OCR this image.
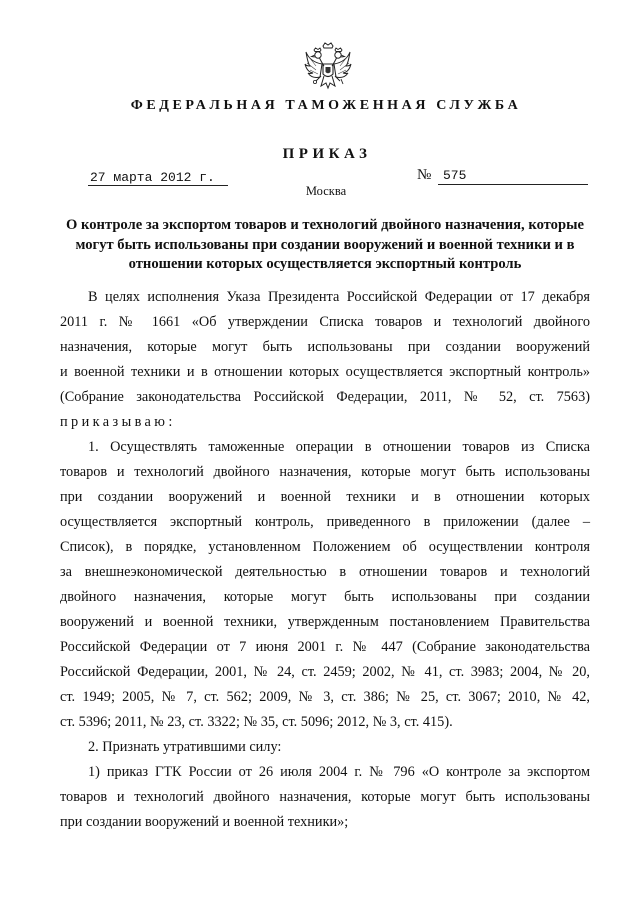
ФЕДЕРАЛЬНАЯ ТАМОЖЕННАЯ СЛУЖБА
ПРИКАЗ
27 марта 2012 г.	№ 575
Москва
О контроле за экспортом товаров и технологий двойного назначения, которые
могут быть использованы при создании вооружений и военной техники и в
отношении которых осуществляется экспортный контроль
В целях исполнения Указа Президента Российской Федерации от 17 декабря
2011 г. № 1661 «Об утверждении Списка товаров и технологий двойного
назначения, которые могут быть использованы при создании вооружений
и военной техники и в отношении которых осуществляется экспортный контроль»
(Собрание законодательства Российской Федерации, 2011, № 52, ст. 7563)
приказываю:
1. Осуществлять таможенные операции в отношении товаров из Списка
товаров и технологий двойного назначения, которые могут быть использованы
при создании вооружений и военной техники и в отношении которых
осуществляется экспортный контроль, приведенного в приложении (далее –
Список), в порядке, установленном Положением об осуществлении контроля
за внешнеэкономической деятельностью в отношении товаров и технологий
двойного назначения, которые могут быть использованы при создании
вооружений и военной техники, утвержденным постановлением Правительства
Российской Федерации от 7 июня 2001 г. № 447 (Собрание законодательства
Российской Федерации, 2001, № 24, ст. 2459; 2002, № 41, ст. 3983; 2004, № 20,
ст. 1949; 2005, № 7, ст. 562; 2009, № 3, ст. 386; № 25, ст. 3067; 2010, № 42,
ст. 5396; 2011, № 23, ст. 3322; № 35, ст. 5096; 2012, № 3, ст. 415).
2. Признать утратившими силу:
1) приказ ГТК России от 26 июля 2004 г. № 796 «О контроле за экспортом
товаров и технологий двойного назначения, которые могут быть использованы
при создании вооружений и военной техники»;
